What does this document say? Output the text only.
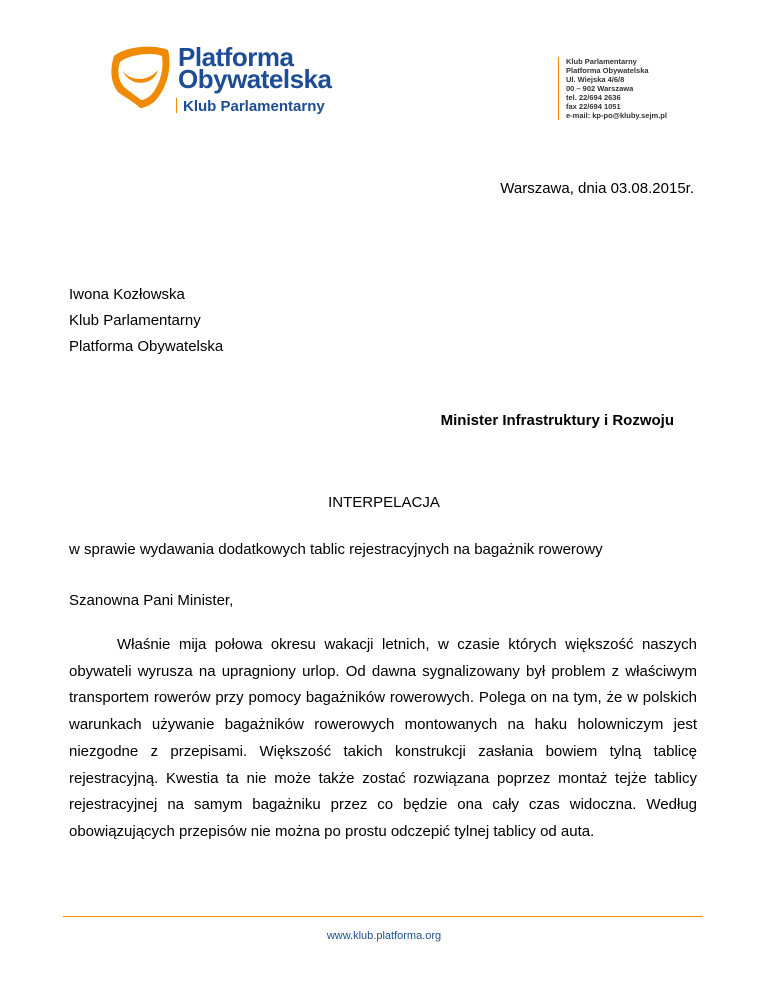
Platforma
Obywatelska
Klub Parlamentarny
Klub Parlamentarny
Platforma Obywatelska
Ul. Wiejska 4/6/8
00 – 902 Warszawa
tel. 22/694 2636
fax 22/694 1051
e-mail: kp-po@kluby.sejm.pl
Warszawa, dnia 03.08.2015r.
Iwona Kozłowska
Klub Parlamentarny
Platforma Obywatelska
Minister Infrastruktury i Rozwoju
INTERPELACJA
w sprawie wydawania dodatkowych tablic rejestracyjnych na bagażnik rowerowy
Szanowna Pani Minister,

Właśnie mija połowa okresu wakacji letnich, w czasie których większość naszych obywateli wyrusza na upragniony urlop. Od dawna sygnalizowany był problem z właściwym transportem rowerów przy pomocy bagażników rowerowych. Polega on na tym, że w polskich warunkach używanie bagażników rowerowych montowanych na haku holowniczym jest niezgodne z przepisami. Większość takich konstrukcji zasłania bowiem tylną tablicę rejestracyjną. Kwestia ta nie może także zostać rozwiązana poprzez montaż tejże tablicy rejestracyjnej na samym bagażniku przez co będzie ona cały czas widoczna. Według obowiązujących przepisów nie można po prostu odczepić tylnej tablicy od auta.

www.klub.platforma.org
